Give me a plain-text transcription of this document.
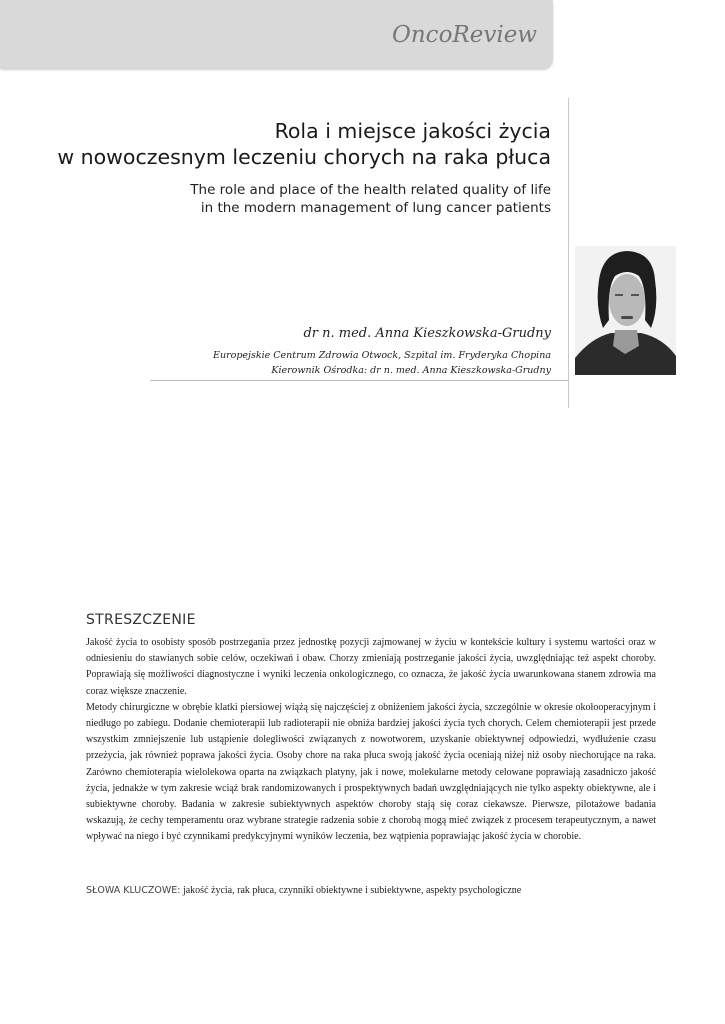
OncoReview
Rola i miejsce jakości życia
w nowoczesnym leczeniu chorych na raka płuca
The role and place of the health related quality of life
in the modern management of lung cancer patients
dr n. med. Anna Kieszkowska-Grudny
Europejskie Centrum Zdrowia Otwock, Szpital im. Fryderyka Chopina
Kierownik Ośrodka: dr n. med. Anna Kieszkowska-Grudny
STRESZCZENIE

Jakość życia to osobisty sposób postrzegania przez jednostkę pozycji zajmowanej w życiu w kontekście kultury i systemu wartości oraz w odniesieniu do stawianych sobie celów, oczekiwań i obaw. Chorzy zmieniają postrzeganie jakości życia, uwzględniając też aspekt choroby. Poprawiają się możliwości diagnostyczne i wyniki leczenia onkologicznego, co oznacza, że jakość życia uwarunkowana stanem zdrowia ma coraz większe znaczenie.

Metody chirurgiczne w obrębie klatki piersiowej wiążą się najczęściej z obniżeniem jakości życia, szczególnie w okresie okołooperacyjnym i niedługo po zabiegu. Dodanie chemioterapii lub radioterapii nie obniża bardziej jakości życia tych chorych. Celem chemioterapii jest przede wszystkim zmniejszenie lub ustąpienie dolegliwości związanych z nowotworem, uzyskanie obiektywnej odpowiedzi, wydłużenie czasu przeżycia, jak również poprawa jakości życia. Osoby chore na raka płuca swoją jakość życia oceniają niżej niż osoby niechorujące na raka. Zarówno chemioterapia wielolekowa oparta na związkach platyny, jak i nowe, molekularne metody celowane poprawiają zasadniczo jakość życia, jednakże w tym zakresie wciąż brak randomizowanych i prospektywnych badań uwzględniających nie tylko aspekty obiektywne, ale i subiektywne choroby. Badania w zakresie subiektywnych aspektów choroby stają się coraz ciekawsze. Pierwsze, pilotażowe badania wskazują, że cechy temperamentu oraz wybrane strategie radzenia sobie z chorobą mogą mieć związek z procesem terapeutycznym, a nawet wpływać na niego i być czynnikami predykcyjnymi wyników leczenia, bez wątpienia poprawiając jakość życia w chorobie.

SŁOWA KLUCZOWE: jakość życia, rak płuca, czynniki obiektywne i subiektywne, aspekty psychologiczne
